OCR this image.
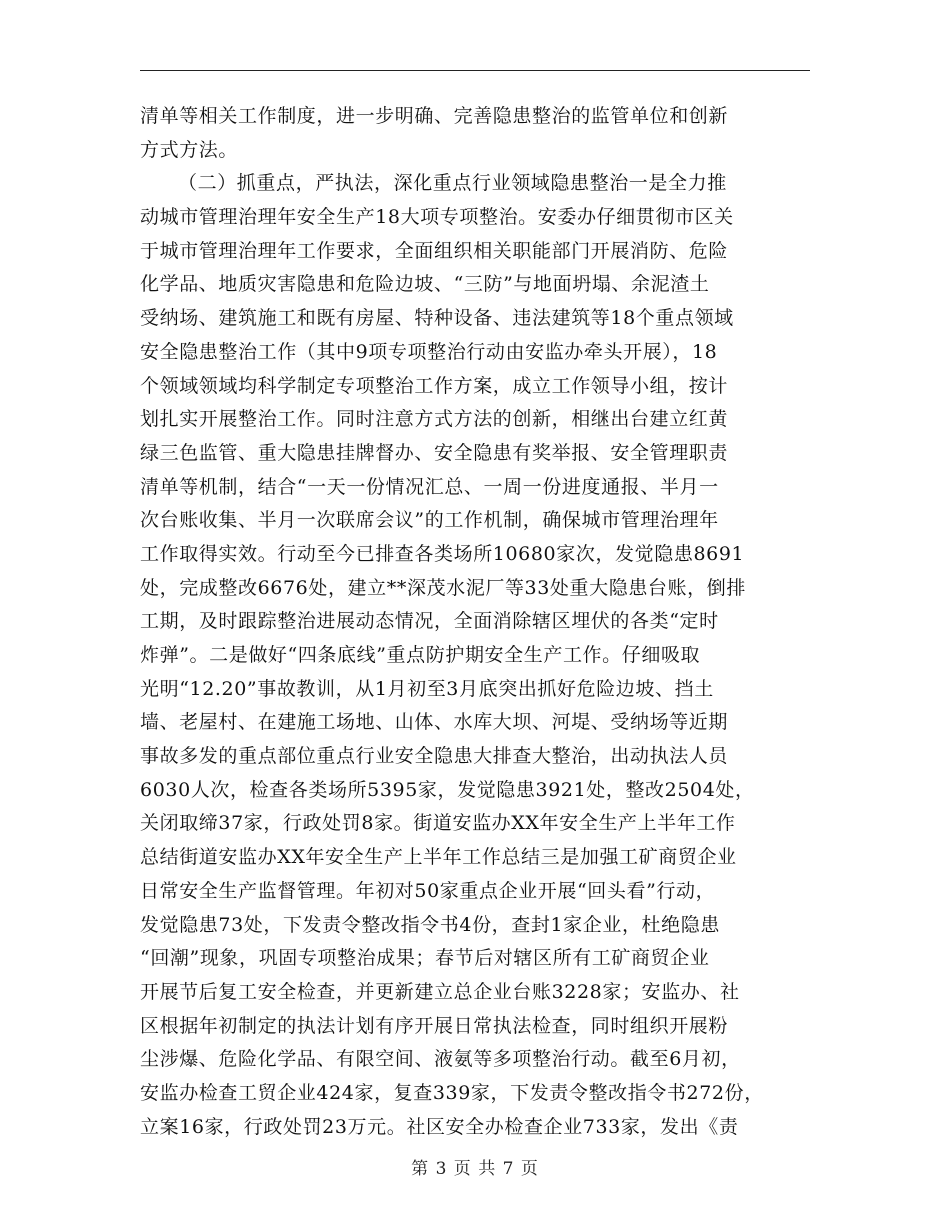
清单等相关工作制度，进一步明确、完善隐患整治的监管单位和创新
方式方法。
（二）抓重点，严执法，深化重点行业领域隐患整治一是全力推
动城市管理治理年安全生产18大项专项整治。安委办仔细贯彻市区关
于城市管理治理年工作要求，全面组织相关职能部门开展消防、危险
化学品、地质灾害隐患和危险边坡、“三防”与地面坍塌、余泥渣土
受纳场、建筑施工和既有房屋、特种设备、违法建筑等18个重点领域
安全隐患整治工作（其中9项专项整治行动由安监办牵头开展），18
个领域领域均科学制定专项整治工作方案，成立工作领导小组，按计
划扎实开展整治工作。同时注意方式方法的创新，相继出台建立红黄
绿三色监管、重大隐患挂牌督办、安全隐患有奖举报、安全管理职责
清单等机制，结合“一天一份情况汇总、一周一份进度通报、半月一
次台账收集、半月一次联席会议”的工作机制，确保城市管理治理年
工作取得实效。行动至今已排查各类场所10680家次，发觉隐患8691
处，完成整改6676处，建立**深茂水泥厂等33处重大隐患台账，倒排
工期，及时跟踪整治进展动态情况，全面消除辖区埋伏的各类“定时
炸弹”。二是做好“四条底线”重点防护期安全生产工作。仔细吸取
光明“12.20”事故教训，从1月初至3月底突出抓好危险边坡、挡土
墙、老屋村、在建施工场地、山体、水库大坝、河堤、受纳场等近期
事故多发的重点部位重点行业安全隐患大排查大整治，出动执法人员
6030人次，检查各类场所5395家，发觉隐患3921处，整改2504处，
关闭取缔37家，行政处罚8家。街道安监办XX年安全生产上半年工作
总结街道安监办XX年安全生产上半年工作总结三是加强工矿商贸企业
日常安全生产监督管理。年初对50家重点企业开展“回头看”行动，
发觉隐患73处，下发责令整改指令书4份，查封1家企业，杜绝隐患
“回潮”现象，巩固专项整治成果；春节后对辖区所有工矿商贸企业
开展节后复工安全检查，并更新建立总企业台账3228家；安监办、社
区根据年初制定的执法计划有序开展日常执法检查，同时组织开展粉
尘涉爆、危险化学品、有限空间、液氨等多项整治行动。截至6月初，
安监办检查工贸企业424家，复查339家，下发责令整改指令书272份，
立案16家，行政处罚23万元。社区安全办检查企业733家，发出《责
第 3 页 共 7 页
